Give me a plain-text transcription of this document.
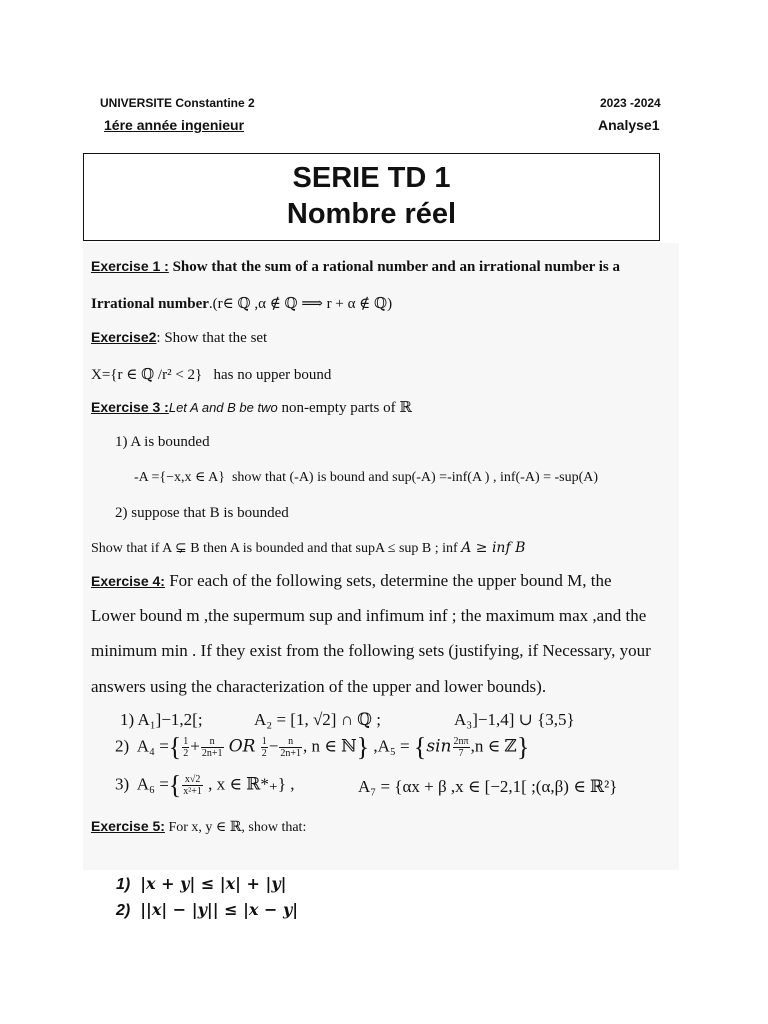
UNIVERSITE Constantine 2
1ére année ingenieur
2023 -2024
Analyse1
SERIE TD 1
Nombre réel
Exercise 1 : Show that the sum of a rational number and an irrational number is a
Irrational number.(r∈ ℚ ,α ∉ ℚ ⟹ r + α ∉ ℚ)
Exercise2: Show that the set
X={r ∈ ℚ /r² < 2} has no upper bound
Exercise 3 :Let A and B be two non-empty parts of ℝ
1) A is bounded
-A ={−x,x ∈ A} show that (-A) is bound and sup(-A) =-inf(A ) , inf(-A) = -sup(A)
2) suppose that B is bounded
Show that if A ⊊ B then A is bounded and that supA ≤ sup B ; inf A ≥ inf B
Exercise 4: For each of the following sets, determine the upper bound M, the
Lower bound m ,the supermum sup and infimum inf ; the maximum max ,and the
minimum min . If they exist from the following sets (justifying, if Necessary, your
answers using the characterization of the upper and lower bounds).
1) A₁]−1,2[;	A₂ = [1, √2] ∩ ℚ ;	A₃]−1,4] ∪ {3,5}
2) A₄ ={ $\frac{1}{2} + \frac{n}{2n+1}$ OR $\frac{1}{2} - \frac{n}{2n+1}$ , n ∈ ℕ} $,A_5 = \{\sin \frac{2n\pi}{7} ,n$ ∈ ℤ}
3) A₆ ={ $\frac{x√2}{\text{x²+1}}$ , x ∈ ℝ*₊} ,	A₇ = {αx + β ,x ∈ [−2,1[ ;(α,β) ∈ ℝ²}
Exercise 5: For x, y ∈ ℝ, show that:
1) |x + y| ≤ |x| + |y|
2) ||x| − |y|| ≤ |x − y|
